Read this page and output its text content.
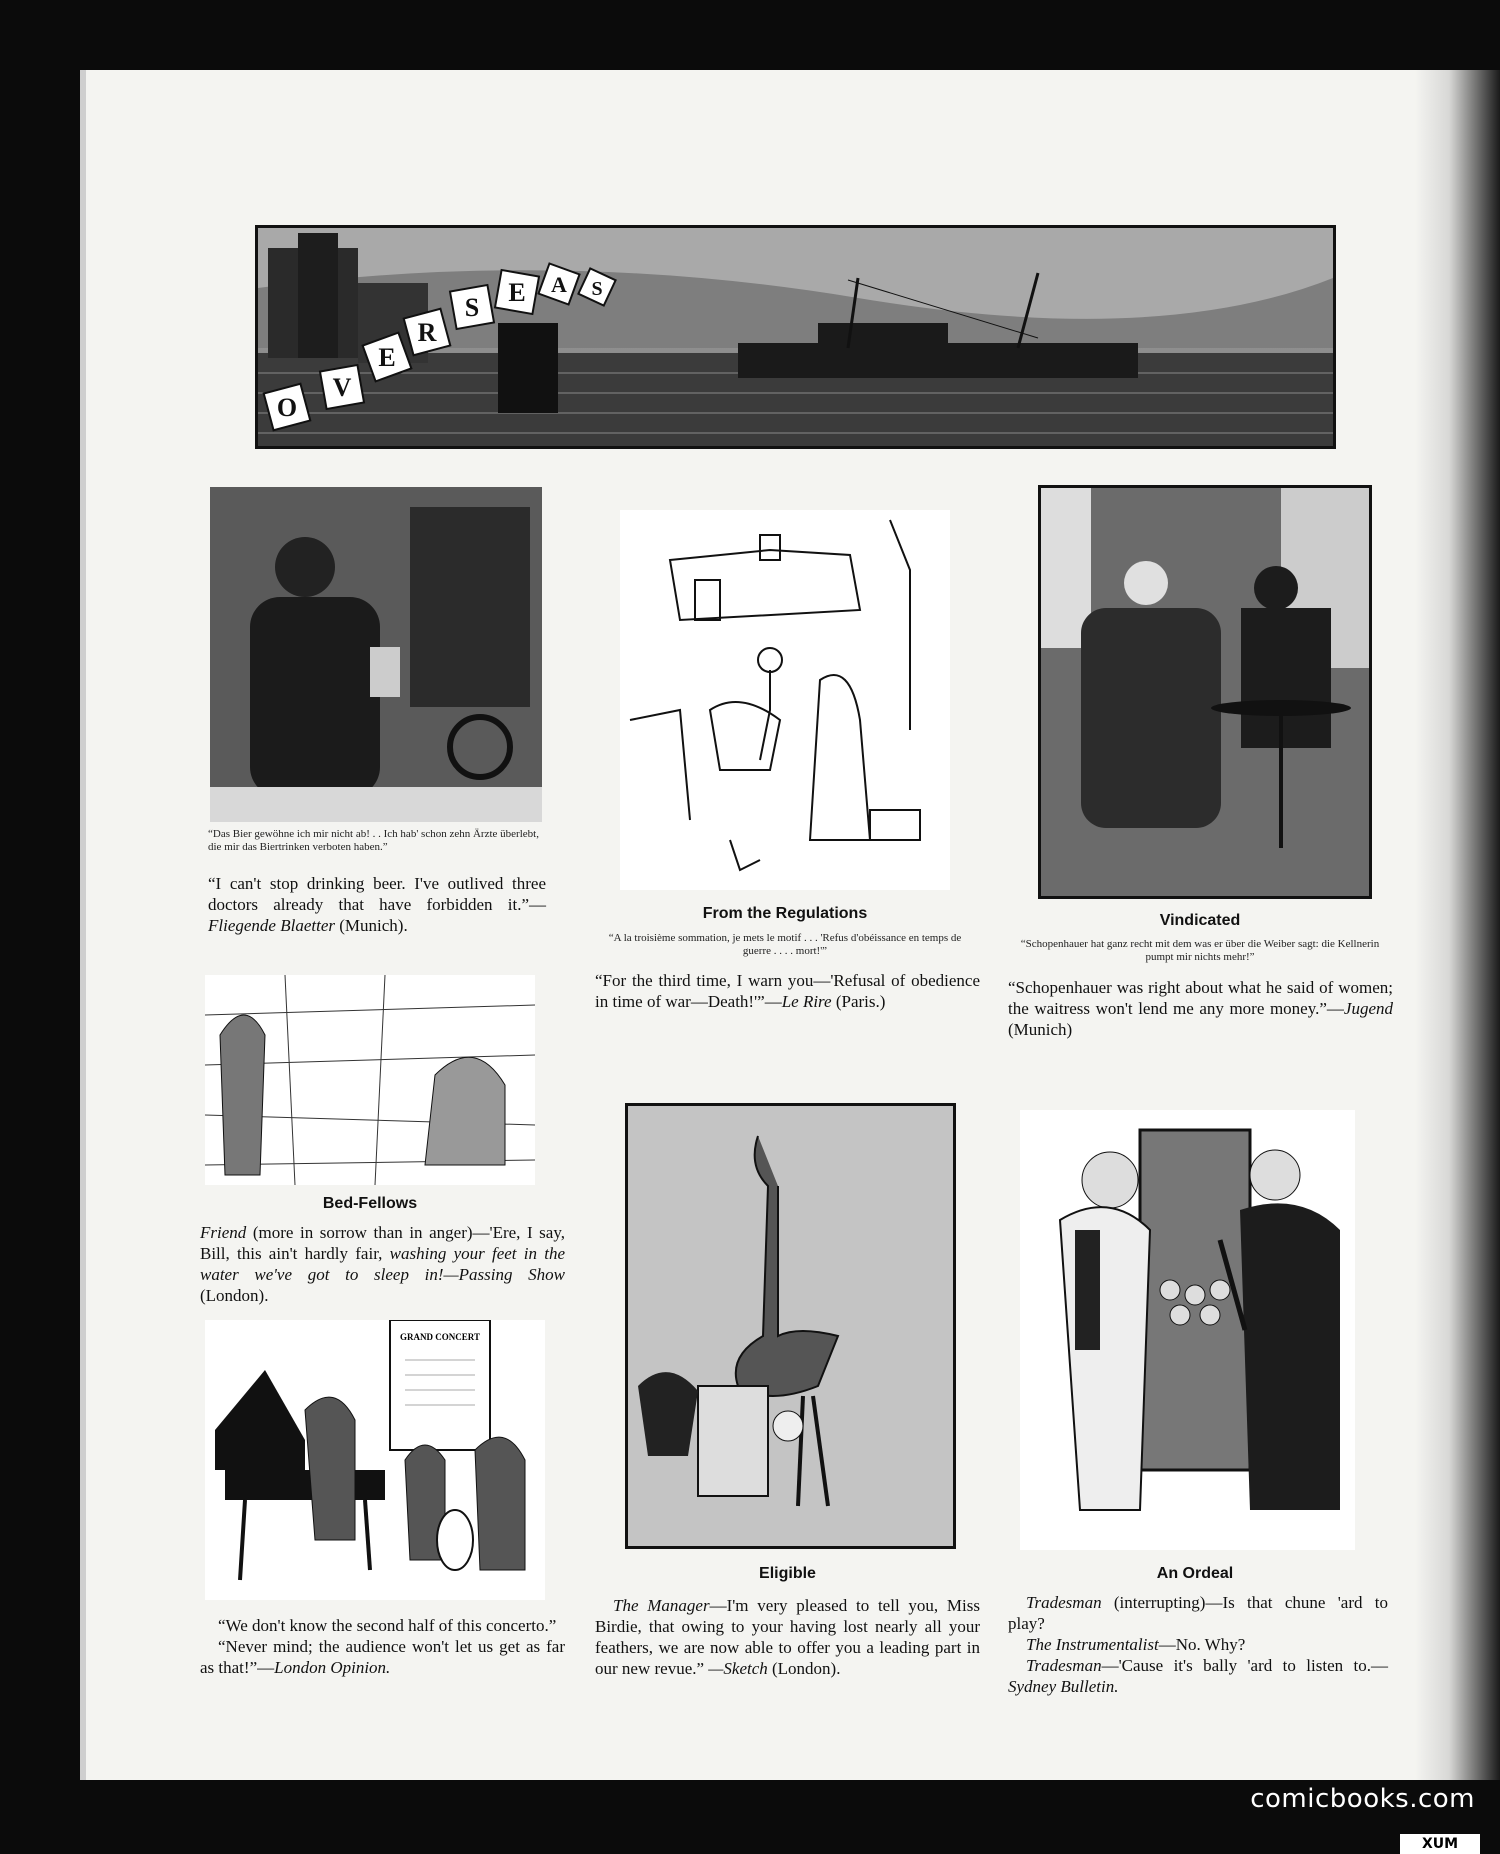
O
V
E
R
S
E A S
“Das Bier gewöhne ich mir nicht ab! . . Ich hab' schon zehn Ärzte überlebt, die mir das Biertrinken verboten haben.”

“I can't stop drinking beer. I've outlived three doctors already that have forbidden it.”—Fliegende Blaetter (Munich).

From the Regulations
“A la troisième sommation, je mets le motif . . . 'Refus d'obéissance en temps de guerre . . . . mort!'”

“For the third time, I warn you—'Refusal of obedience in time of war—Death!'”—Le Rire (Paris.)

Vindicated
“Schopenhauer hat ganz recht mit dem was er über die Weiber sagt: die Kellnerin pumpt mir nichts mehr!”

“Schopenhauer was right about what he said of women; the waitress won't lend me any more money.”—Jugend (Munich)

Bed-Fellows

Friend (more in sorrow than in anger)—'Ere, I say, Bill, this ain't hardly fair, washing your feet in the water we've got to sleep in!—Passing Show (London).

GRAND CONCERT

“We don't know the second half of this concerto.”

“Never mind; the audience won't let us get as far as that!”—London Opinion.

Eligible

The Manager—I'm very pleased to tell you, Miss Birdie, that owing to your having lost nearly all your feathers, we are now able to offer you a leading part in our new revue.” —Sketch (London).

An Ordeal

Tradesman (interrupting)—Is that chune 'ard to play?

The Instrumentalist—No. Why?

Tradesman—'Cause it's bally 'ard to listen to.—Sydney Bulletin.

comicbooks.com
XUM
